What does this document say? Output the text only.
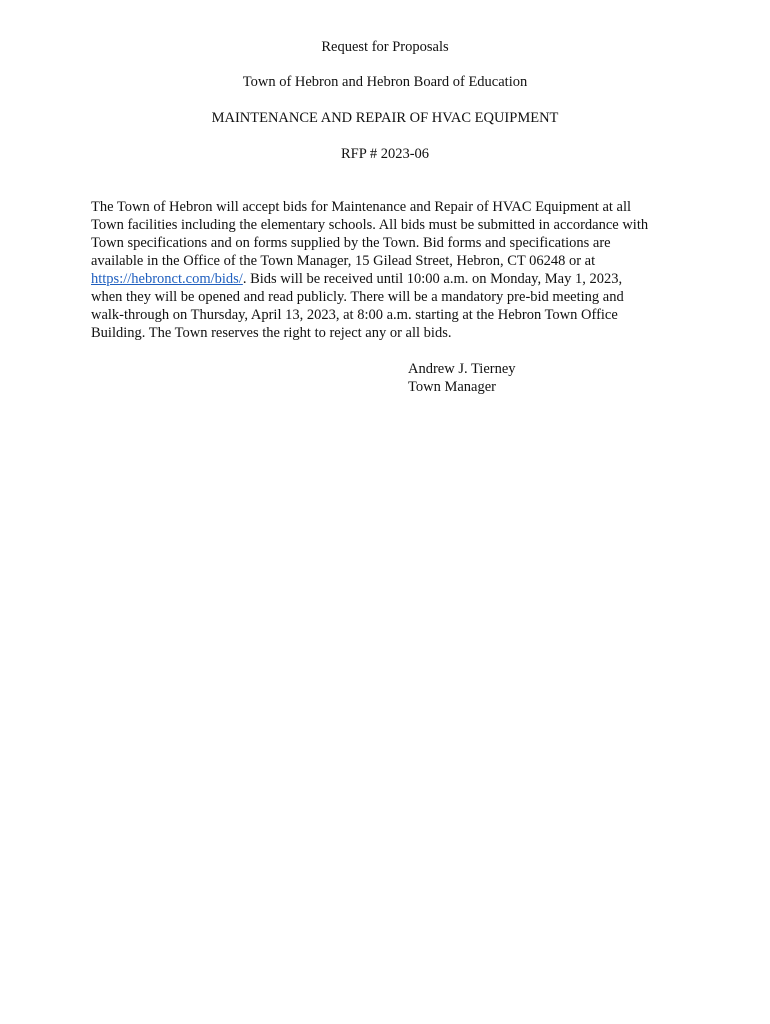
Request for Proposals
Town of Hebron and Hebron Board of Education
MAINTENANCE AND REPAIR OF HVAC EQUIPMENT
RFP # 2023-06
The Town of Hebron will accept bids for Maintenance and Repair of HVAC Equipment at all
Town facilities including the elementary schools. All bids must be submitted in accordance with
Town specifications and on forms supplied by the Town. Bid forms and specifications are
available in the Office of the Town Manager, 15 Gilead Street, Hebron, CT 06248 or at
https://hebronct.com/bids/. Bids will be received until 10:00 a.m. on Monday, May 1, 2023,
when they will be opened and read publicly. There will be a mandatory pre-bid meeting and
walk-through on Thursday, April 13, 2023, at 8:00 a.m. starting at the Hebron Town Office
Building. The Town reserves the right to reject any or all bids.
Andrew J. Tierney
Town Manager
